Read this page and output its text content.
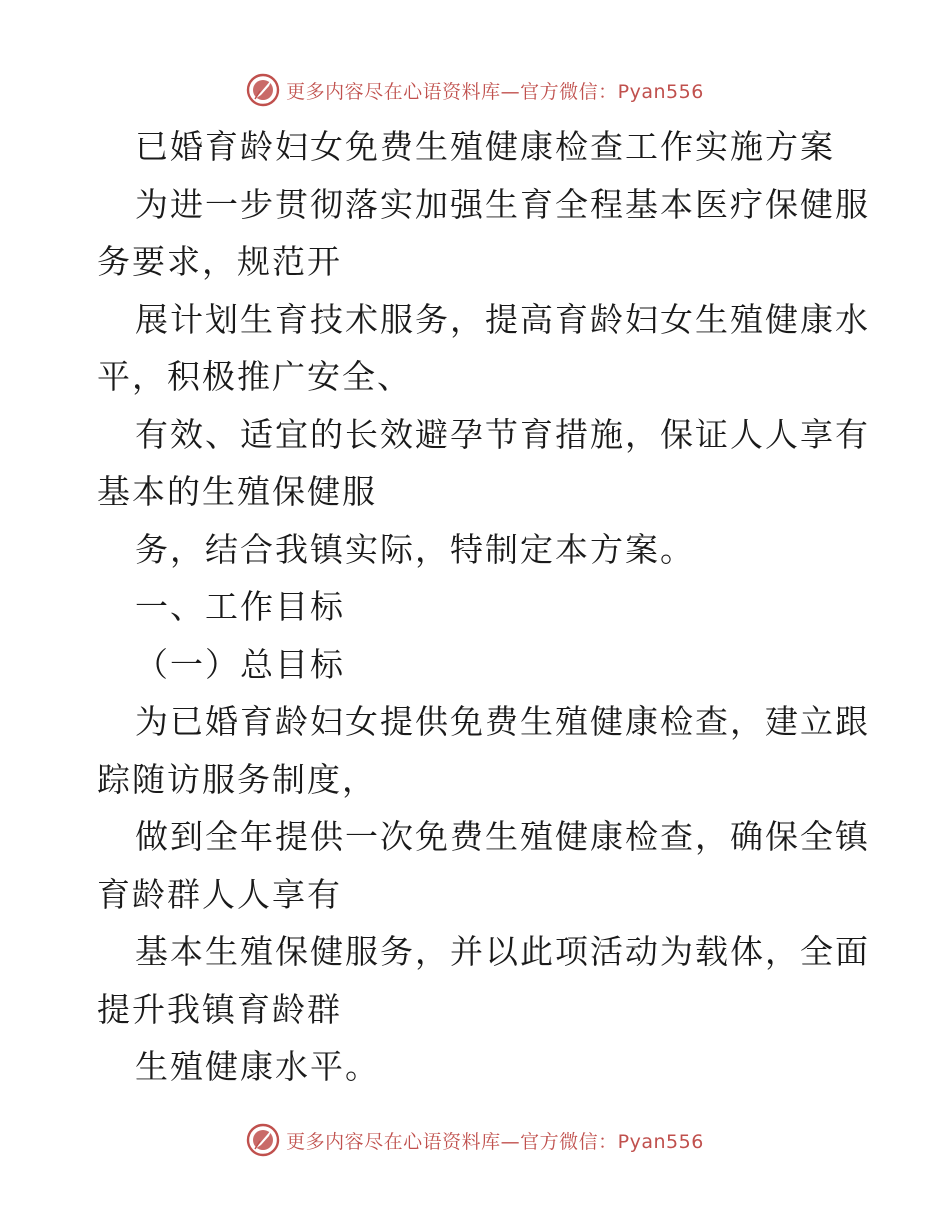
更多内容尽在心语资料库—官方微信：Pyan556
已婚育龄妇女免费生殖健康检查工作实施方案
为进一步贯彻落实加强生育全程基本医疗保健服
务要求，规范开
展计划生育技术服务，提高育龄妇女生殖健康水
平，积极推广安全、
有效、适宜的长效避孕节育措施，保证人人享有
基本的生殖保健服
务，结合我镇实际，特制定本方案。
一、工作目标
（一）总目标
为已婚育龄妇女提供免费生殖健康检查，建立跟
踪随访服务制度，
做到全年提供一次免费生殖健康检查，确保全镇
育龄群人人享有
基本生殖保健服务，并以此项活动为载体，全面
提升我镇育龄群
生殖健康水平。
更多内容尽在心语资料库—官方微信：Pyan556
